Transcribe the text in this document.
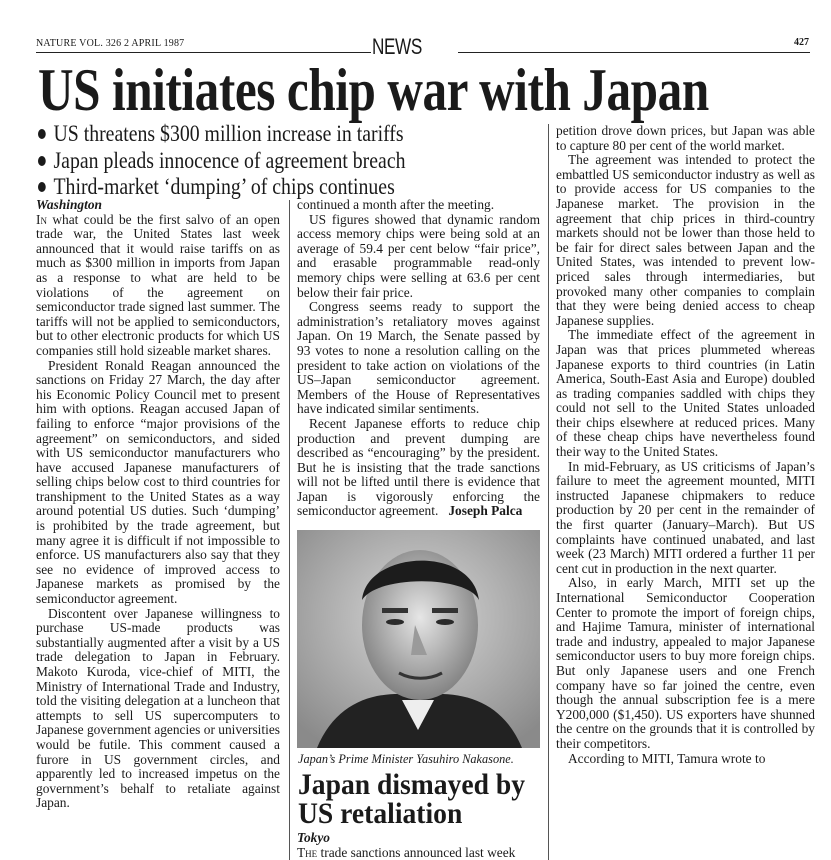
NATURE VOL. 326 2 APRIL 1987	NEWS	427
US initiates chip war with Japan
US threatens $300 million increase in tariffs
Japan pleads innocence of agreement breach
Third-market ‘dumping’ of chips continues
Washington

In what could be the first salvo of an open trade war, the United States last week announced that it would raise tariffs on as much as $300 million in imports from Japan as a response to what are held to be violations of the agreement on semiconductor trade signed last summer. The tariffs will not be applied to semiconductors, but to other electronic products for which US companies still hold sizeable market shares.

President Ronald Reagan announced the sanctions on Friday 27 March, the day after his Economic Policy Council met to present him with options. Reagan accused Japan of failing to enforce “major provisions of the agreement” on semiconductors, and sided with US semiconductor manufacturers who have accused Japanese manufacturers of selling chips below cost to third countries for transhipment to the United States as a way around potential US duties. Such ‘dumping’ is prohibited by the trade agreement, but many agree it is difficult if not impossible to enforce. US manufacturers also say that they see no evidence of improved access to Japanese markets as promised by the semiconductor agreement.

Discontent over Japanese willingness to purchase US-made products was substantially augmented after a visit by a US trade delegation to Japan in February. Makoto Kuroda, vice-chief of MITI, the Ministry of International Trade and Industry, told the visiting delegation at a luncheon that attempts to sell US supercomputers to Japanese government agencies or universities would be futile. This comment caused a furore in US government circles, and apparently led to increased impetus on the government’s behalf to retaliate against Japan.

continued a month after the meeting.

US figures showed that dynamic random access memory chips were being sold at an average of 59.4 per cent below “fair price”, and erasable programmable read-only memory chips were selling at 63.6 per cent below their fair price.

Congress seems ready to support the administration’s retaliatory moves against Japan. On 19 March, the Senate passed by 93 votes to none a resolution calling on the president to take action on violations of the US–Japan semiconductor agreement. Members of the House of Representatives have indicated similar sentiments.

Recent Japanese efforts to reduce chip production and prevent dumping are described as “encouraging” by the president. But he is insisting that the trade sanctions will not be lifted until there is evidence that Japan is vigorously enforcing the semiconductor agreement. Joseph Palca

Japan’s Prime Minister Yasuhiro Nakasone.
Japan dismayed by
US retaliation
Tokyo

The trade sanctions announced last week

petition drove down prices, but Japan was able to capture 80 per cent of the world market.

The agreement was intended to protect the embattled US semiconductor industry as well as to provide access for US companies to the Japanese market. The provision in the agreement that chip prices in third-country markets should not be lower than those held to be fair for direct sales between Japan and the United States, was intended to prevent low-priced sales through intermediaries, but provoked many other companies to complain that they were being denied access to cheap Japanese supplies.

The immediate effect of the agreement in Japan was that prices plummeted whereas Japanese exports to third countries (in Latin America, South-East Asia and Europe) doubled as trading companies saddled with chips they could not sell to the United States unloaded their chips elsewhere at reduced prices. Many of these cheap chips have nevertheless found their way to the United States.

In mid-February, as US criticisms of Japan’s failure to meet the agreement mounted, MITI instructed Japanese chipmakers to reduce production by 20 per cent in the remainder of the first quarter (January–March). But US complaints have continued unabated, and last week (23 March) MITI ordered a further 11 per cent cut in production in the next quarter.

Also, in early March, MITI set up the International Semiconductor Cooperation Center to promote the import of foreign chips, and Hajime Tamura, minister of international trade and industry, appealed to major Japanese semiconductor users to buy more foreign chips. But only Japanese users and one French company have so far joined the centre, even though the annual subscription fee is a mere Y200,000 ($1,450). US exporters have shunned the centre on the grounds that it is controlled by their competitors.

According to MITI, Tamura wrote to
